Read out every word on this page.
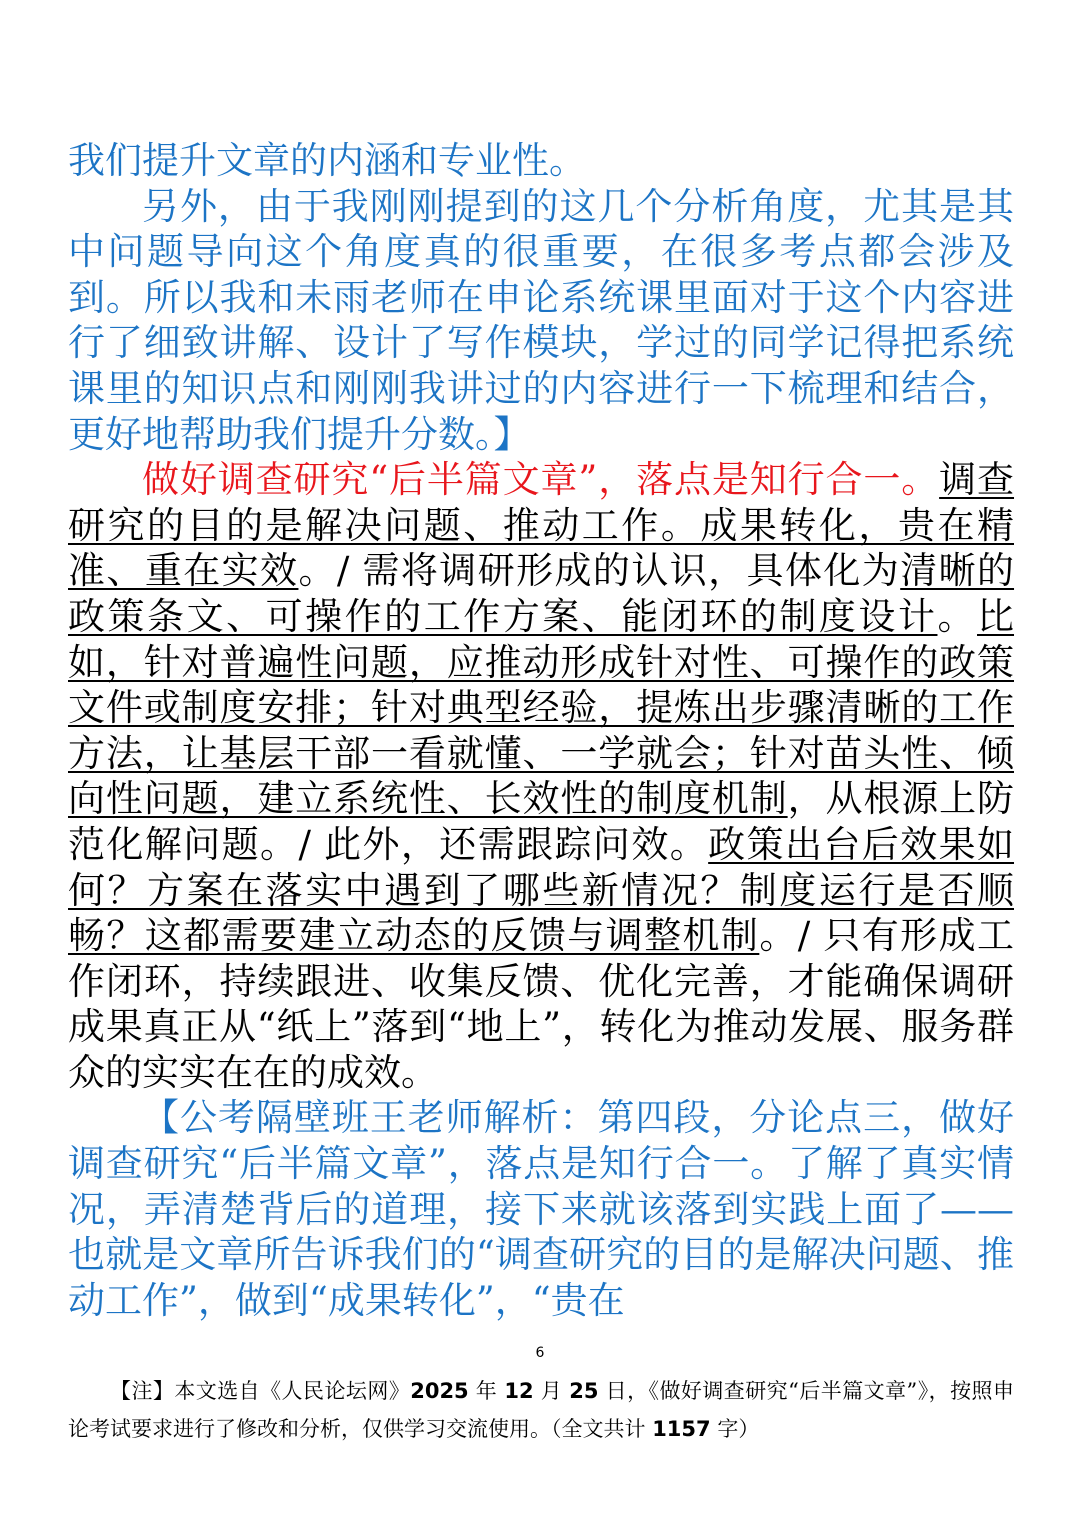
我们提升文章的内涵和专业性。

另外，由于我刚刚提到的这几个分析角度，尤其是其中问题导向这个角度真的很重要，在很多考点都会涉及到。所以我和未雨老师在申论系统课里面对于这个内容进行了细致讲解、设计了写作模块，学过的同学记得把系统课里的知识点和刚刚我讲过的内容进行一下梳理和结合，更好地帮助我们提升分数。】

做好调查研究“后半篇文章”，落点是知行合一。调查研究的目的是解决问题、推动工作。成果转化，贵在精准、重在实效。/ 需将调研形成的认识，具体化为清晰的政策条文、可操作的工作方案、能闭环的制度设计。比如，针对普遍性问题，应推动形成针对性、可操作的政策文件或制度安排；针对典型经验，提炼出步骤清晰的工作方法，让基层干部一看就懂、一学就会；针对苗头性、倾向性问题，建立系统性、长效性的制度机制，从根源上防范化解问题。/ 此外，还需跟踪问效。政策出台后效果如何？方案在落实中遇到了哪些新情况？制度运行是否顺畅？这都需要建立动态的反馈与调整机制。/ 只有形成工作闭环，持续跟进、收集反馈、优化完善，才能确保调研成果真正从“纸上”落到“地上”，转化为推动发展、服务群众的实实在在的成效。

【公考隔壁班王老师解析：第四段，分论点三，做好调查研究“后半篇文章”，落点是知行合一。了解了真实情况，弄清楚背后的道理，接下来就该落到实践上面了——也就是文章所告诉我们的“调查研究的目的是解决问题、推动工作”，做到“成果转化”，“贵在

6

【注】本文选自《人民论坛网》2025 年 12 月 25 日，《做好调查研究“后半篇文章”》，按照申论考试要求进行了修改和分析，仅供学习交流使用。（全文共计 1157 字）
